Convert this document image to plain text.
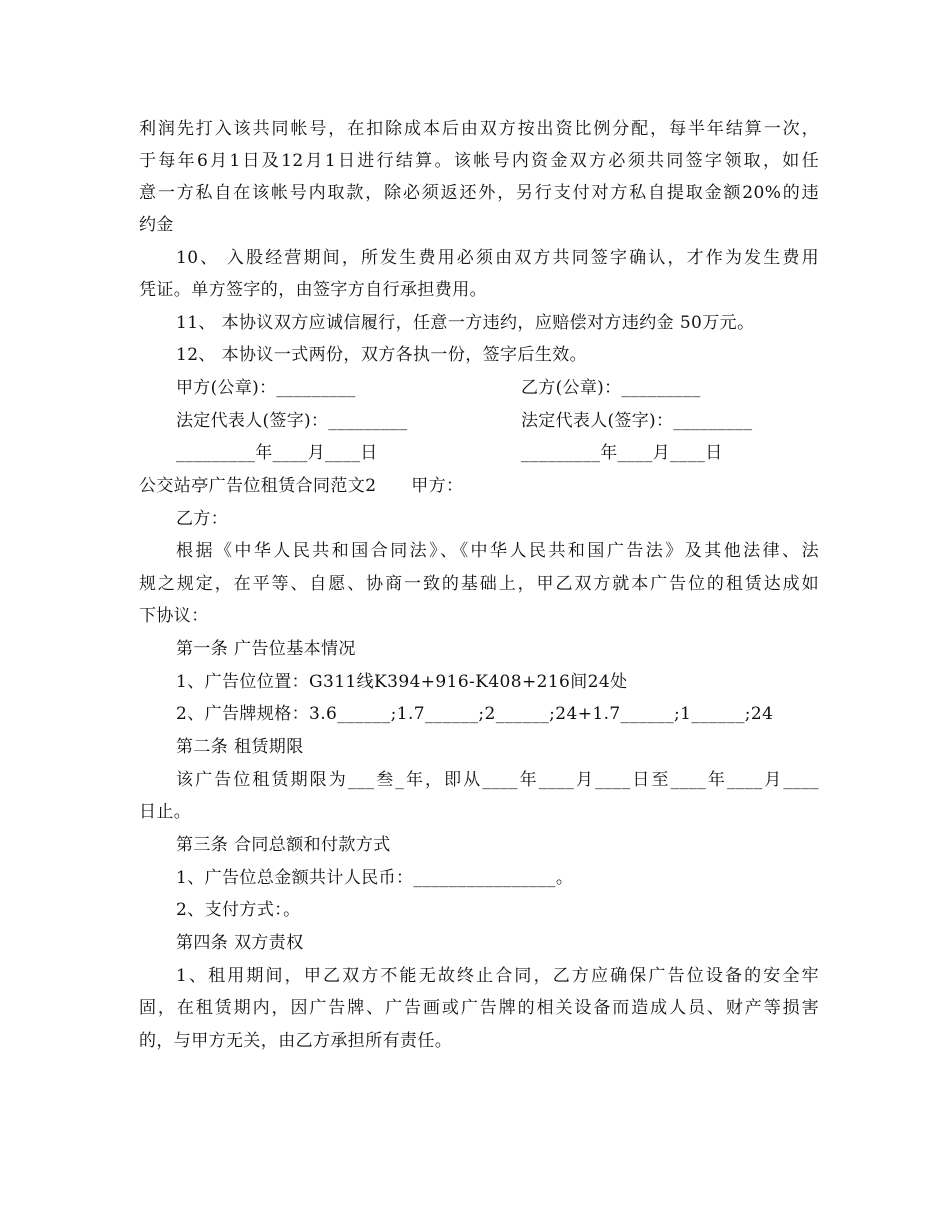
利润先打入该共同帐号，在扣除成本后由双方按出资比例分配，每半年结算一次，
于每年6月1日及12月1日进行结算。该帐号内资金双方必须共同签字领取，如任
意一方私自在该帐号内取款，除必须返还外，另行支付对方私自提取金额20%的违
约金
10、 入股经营期间，所发生费用必须由双方共同签字确认，才作为发生费用
凭证。单方签字的，由签字方自行承担费用。
11、 本协议双方应诚信履行，任意一方违约，应赔偿对方违约金 50万元。
12、 本协议一式两份，双方各执一份，签字后生效。
甲方(公章)：_________	乙方(公章)：_________
法定代表人(签字)：_________	法定代表人(签字)：_________
_________年____月____日	_________年____月____日
公交站亭广告位租赁合同范文2　　甲方：
乙方：
根据《中华人民共和国合同法》、《中华人民共和国广告法》及其他法律、法
规之规定，在平等、自愿、协商一致的基础上，甲乙双方就本广告位的租赁达成如
下协议：
第一条 广告位基本情况
1、广告位位置：G311线K394+916-K408+216间24处
2、广告牌规格：3.6______;1.7______;2______;24+1.7______;1______;24
第二条 租赁期限
该广告位租赁期限为___叁_年，即从____年____月____日至____年____月____
日止。
第三条 合同总额和付款方式
1、广告位总金额共计人民币：________________。
2、支付方式：。
第四条 双方责权
1、租用期间，甲乙双方不能无故终止合同，乙方应确保广告位设备的安全牢
固，在租赁期内，因广告牌、广告画或广告牌的相关设备而造成人员、财产等损害
的，与甲方无关，由乙方承担所有责任。
